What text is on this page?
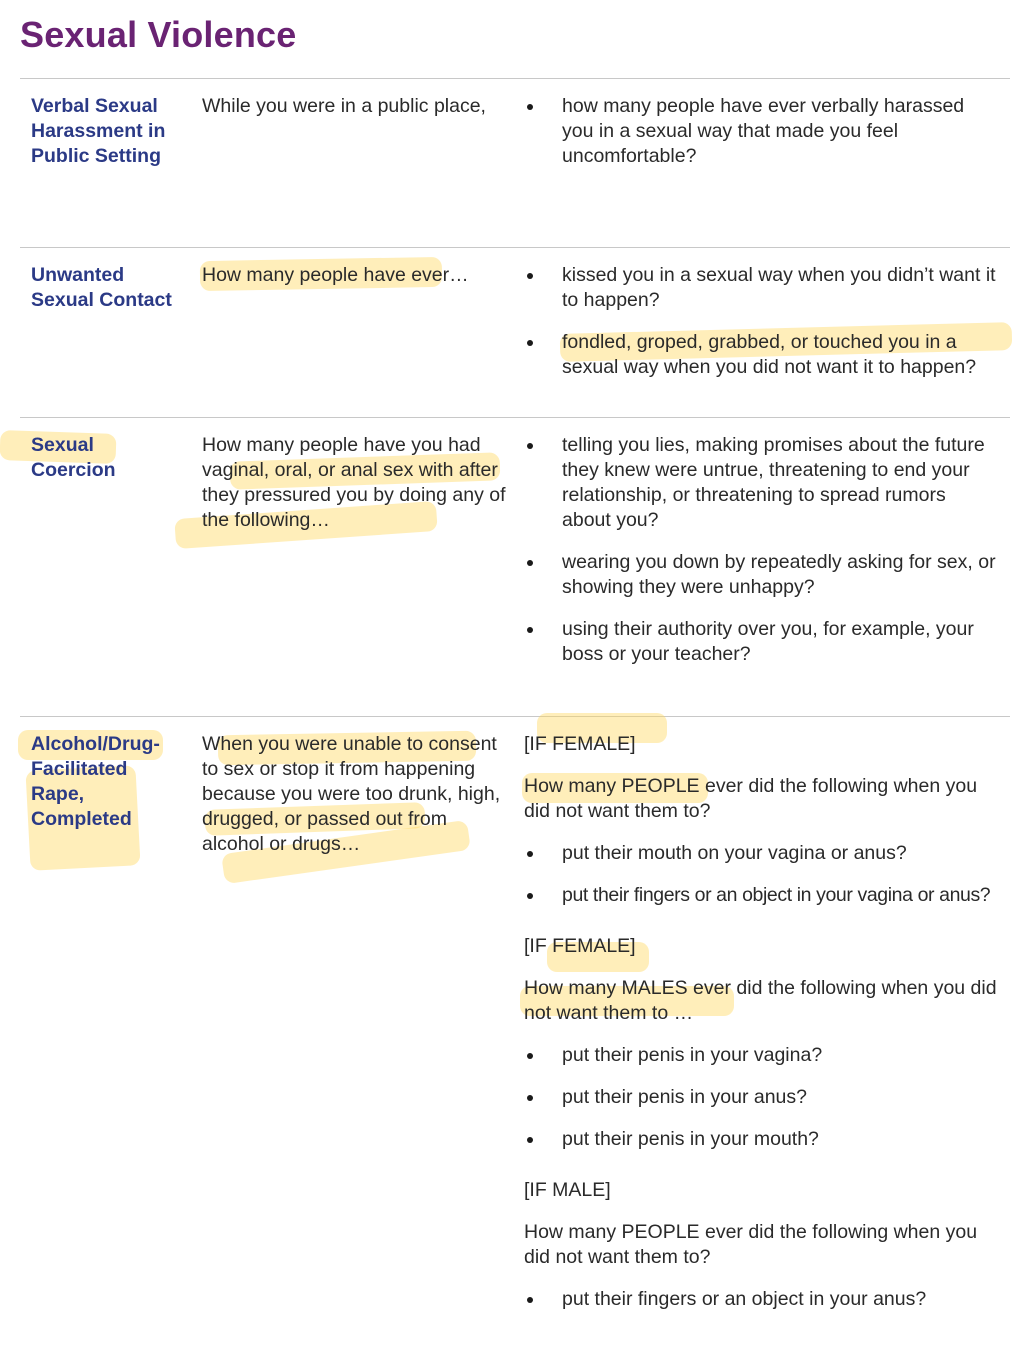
Sexual Violence
Verbal Sexual Harassment in Public Setting
While you were in a public place,	how many people have ever verbally harassed you in a sexual way that made you feel uncomfortable?
Unwanted Sexual Contact
How many people have ever…	kissed you in a sexual way when you didn’t want it to happen?
fondled, groped, grabbed, or touched you in a sexual way when you did not want it to happen?
Sexual Coercion
How many people have you had vaginal, oral, or anal sex with after they pressured you by doing any of the following…
telling you lies, making promises about the future they knew were untrue, threatening to end your relationship, or threatening to spread rumors about you?
wearing you down by repeatedly asking for sex, or showing they were unhappy?
using their authority over you, for example, your boss or your teacher?
Alcohol/Drug-Facilitated Rape, Completed
When you were unable to consent to sex or stop it from happening because you were too drunk, high, drugged, or passed out from alcohol or drugs…

[IF FEMALE]

How many PEOPLE ever did the following when you did not want them to?

put their mouth on your vagina or anus?
put their fingers or an object in your vagina or anus?

[IF FEMALE]

How many MALES ever did the following when you did not want them to …

put their penis in your vagina?
put their penis in your anus?
put their penis in your mouth?

[IF MALE]

How many PEOPLE ever did the following when you did not want them to?

put their fingers or an object in your anus?
